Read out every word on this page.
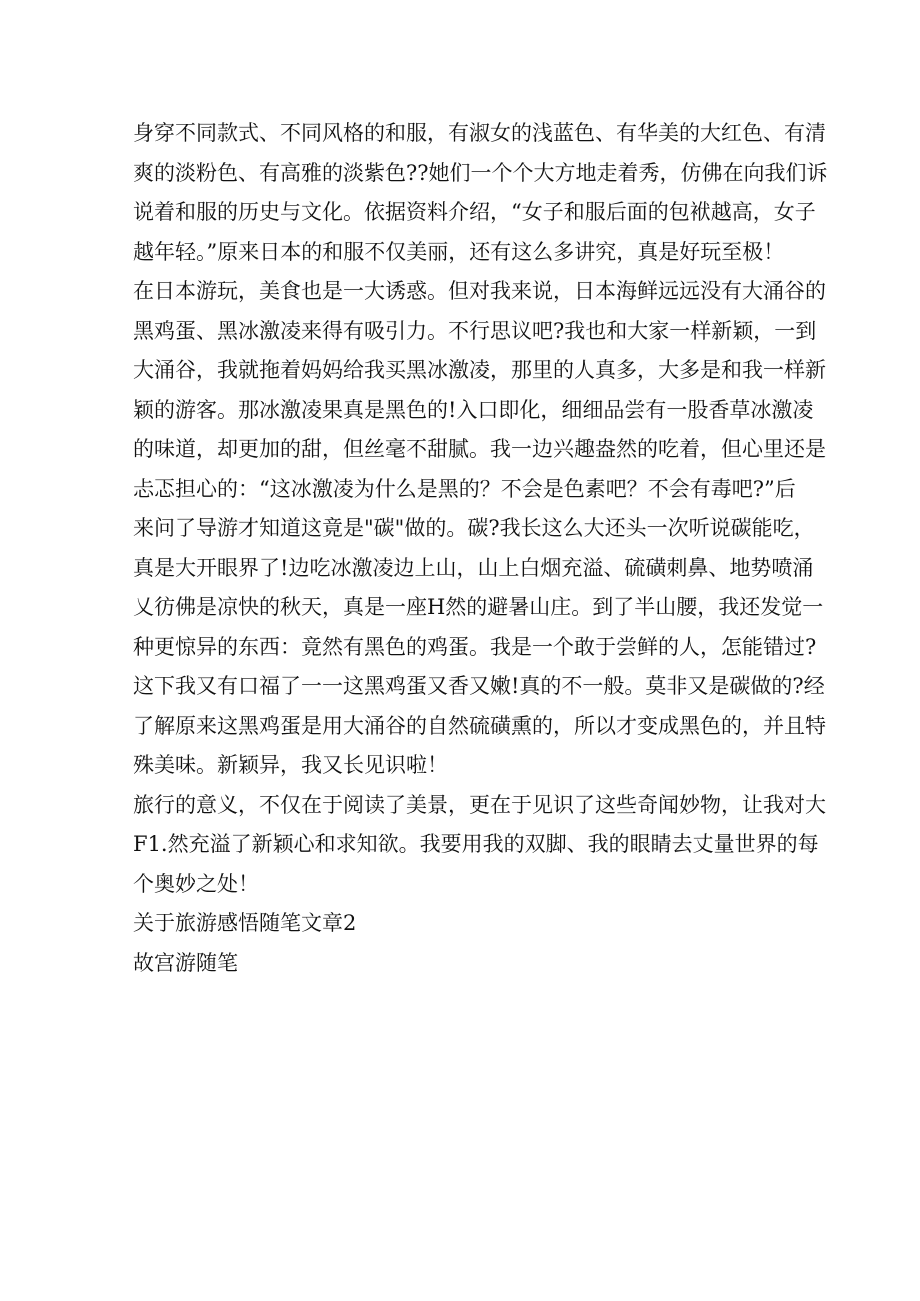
身穿不同款式、不同风格的和服，有淑女的浅蓝色、有华美的大红色、有清
爽的淡粉色、有高雅的淡紫色??她们一个个大方地走着秀，仿佛在向我们诉
说着和服的历史与文化。依据资料介绍，“女子和服后面的包袱越高，女子
越年轻。”原来日本的和服不仅美丽，还有这么多讲究，真是好玩至极！
在日本游玩，美食也是一大诱惑。但对我来说，日本海鲜远远没有大涌谷的
黑鸡蛋、黑冰激凌来得有吸引力。不行思议吧?我也和大家一样新颖，一到
大涌谷，我就拖着妈妈给我买黑冰激凌，那里的人真多，大多是和我一样新
颖的游客。那冰激凌果真是黑色的!入口即化，细细品尝有一股香草冰激凌
的味道，却更加的甜，但丝毫不甜腻。我一边兴趣盎然的吃着，但心里还是
忐忑担心的：“这冰激凌为什么是黑的？不会是色素吧？不会有毒吧?”后
来问了导游才知道这竟是"碳"做的。碳?我长这么大还头一次听说碳能吃，
真是大开眼界了!边吃冰激凌边上山，山上白烟充溢、硫磺刺鼻、地势喷涌
乂彷佛是凉快的秋天，真是一座H然的避暑山庄。到了半山腰，我还发觉一
种更惊异的东西：竟然有黑色的鸡蛋。我是一个敢于尝鲜的人，怎能错过?
这下我又有口福了一一这黑鸡蛋又香又嫩!真的不一般。莫非又是碳做的?经
了解原来这黑鸡蛋是用大涌谷的自然硫磺熏的，所以才变成黑色的，并且特
殊美味。新颖异，我又长见识啦！
旅行的意义，不仅在于阅读了美景，更在于见识了这些奇闻妙物，让我对大
F1.然充溢了新颖心和求知欲。我要用我的双脚、我的眼睛去丈量世界的每
个奥妙之处！
关于旅游感悟随笔文章2
故宫游随笔
